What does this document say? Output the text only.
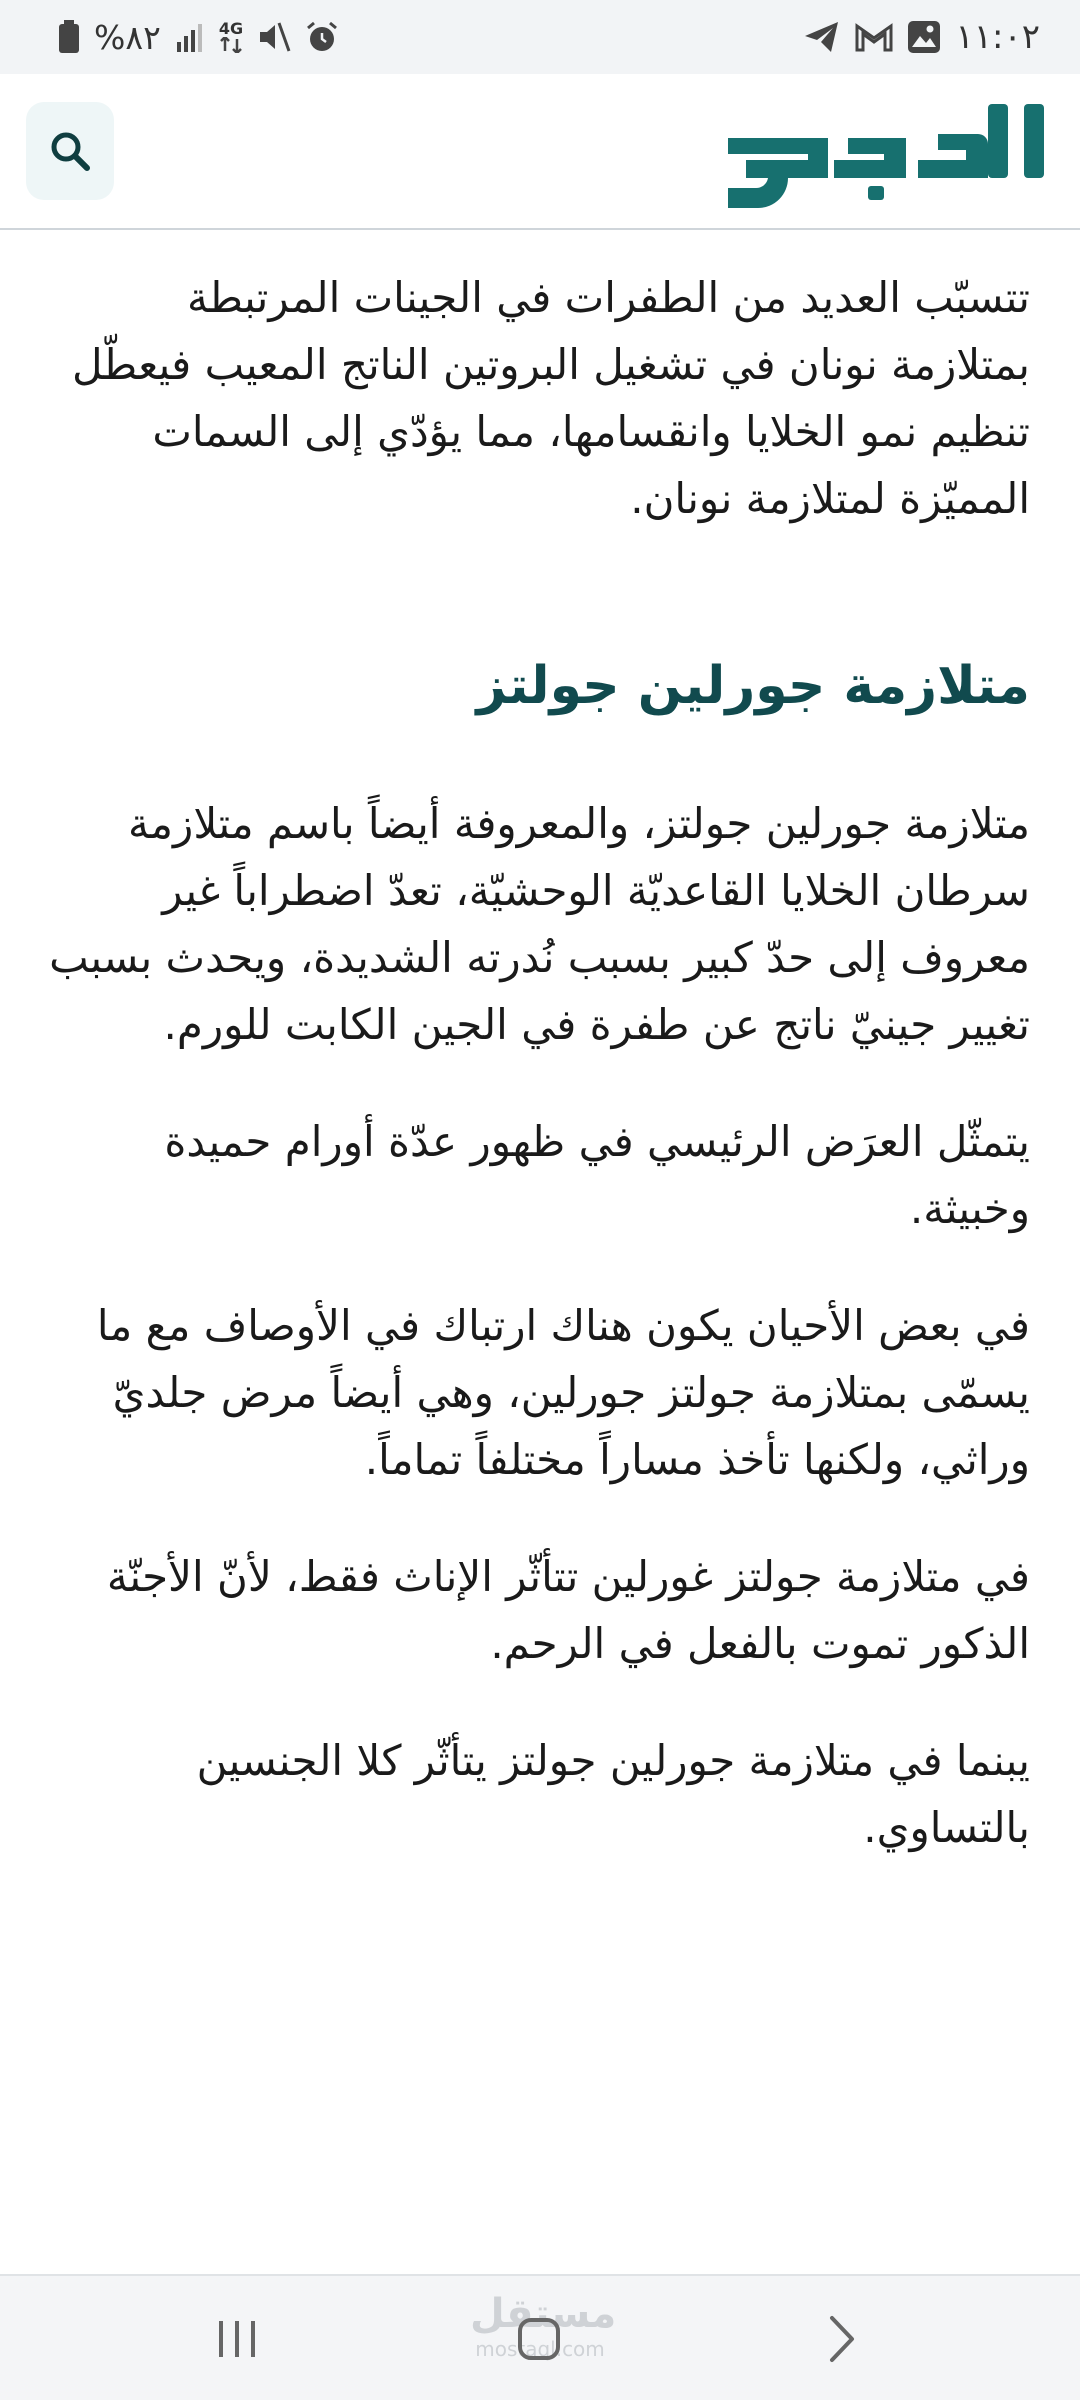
%٨٢	4G	١١:٠٢

تتسبّب العديد من الطفرات في الجينات المرتبطة بمتلازمة نونان في تشغيل البروتين الناتج المعيب فيعطّل تنظيم نمو الخلايا وانقسامها، مما يؤدّي إلى السمات المميّزة لمتلازمة نونان.

متلازمة جورلين جولتز

متلازمة جورلين جولتز، والمعروفة أيضاً باسم متلازمة سرطان الخلايا القاعديّة الوحشيّة، تعدّ اضطراباً غير معروف إلى حدّ كبير بسبب نُدرته الشديدة، ويحدث بسبب تغيير جينيّ ناتج عن طفرة في الجين الكابت للورم.

يتمثّل العرَض الرئيسي في ظهور عدّة أورام حميدة وخبيثة.

في بعض الأحيان يكون هناك ارتباك في الأوصاف مع ما يسمّى بمتلازمة جولتز جورلين، وهي أيضاً مرض جلديّ وراثي، ولكنها تأخذ مساراً مختلفاً تماماً.

في متلازمة جولتز غورلين تتأثّر الإناث فقط، لأنّ الأجنّة الذكور تموت بالفعل في الرحم.

يبنما في متلازمة جورلين جولتز يتأثّر كلا الجنسين بالتساوي.

مستقل
mostaql.com
